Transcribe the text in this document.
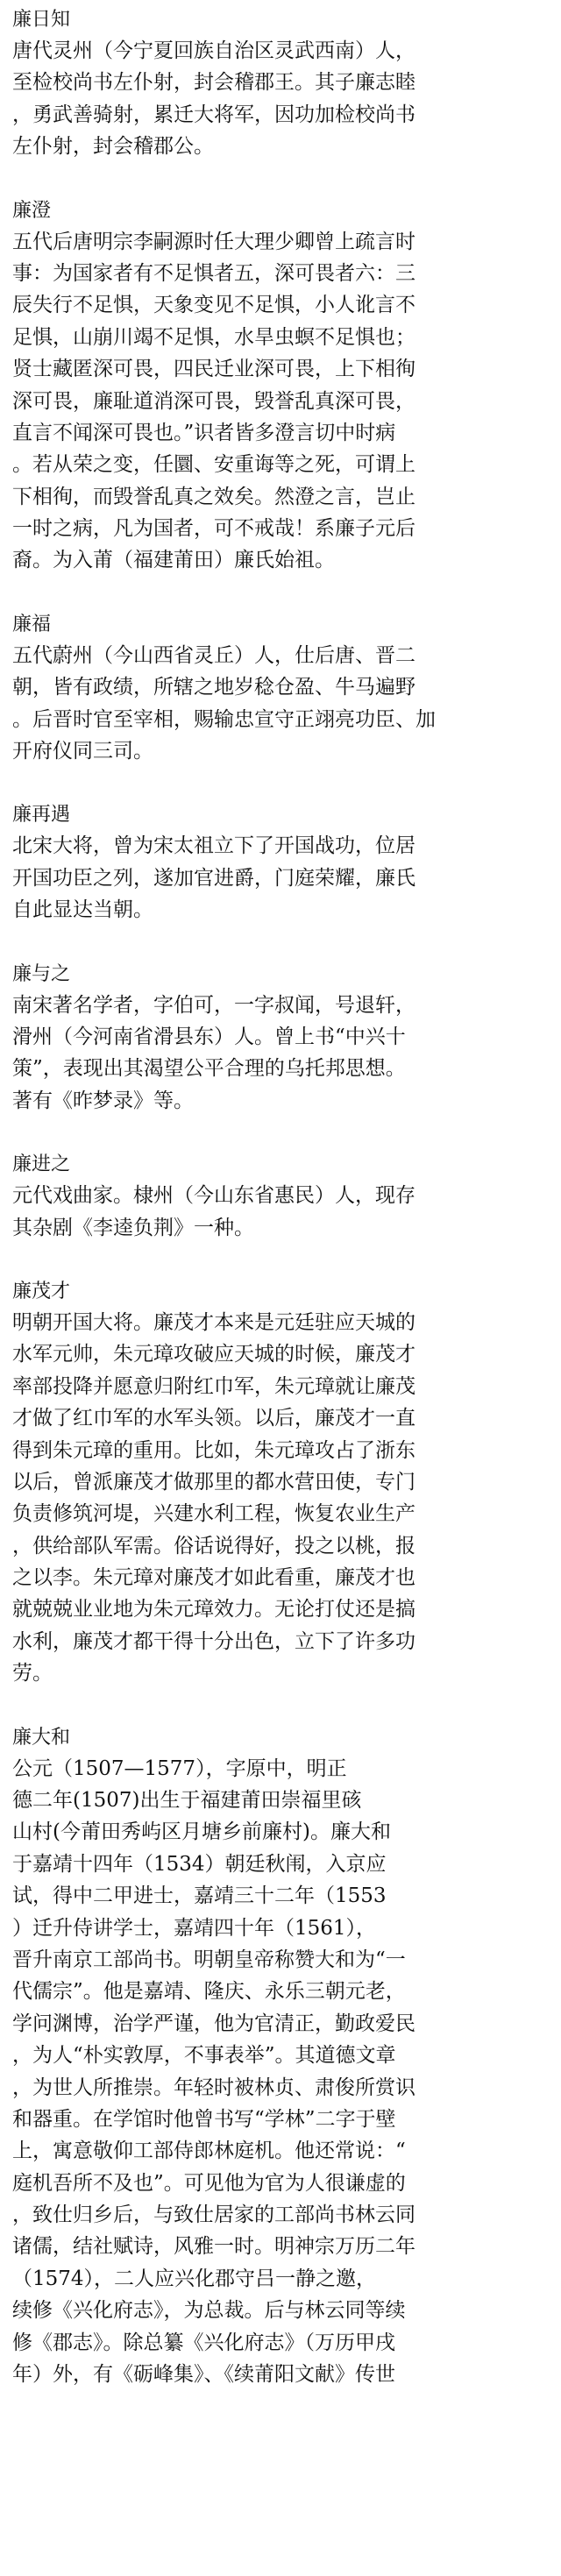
廉日知
唐代灵州（今宁夏回族自治区灵武西南）人，
至检校尚书左仆射，封会稽郡王。其子廉志睦
，勇武善骑射，累迁大将军，因功加检校尚书
左仆射，封会稽郡公。
廉澄
五代后唐明宗李嗣源时任大理少卿曾上疏言时
事：为国家者有不足惧者五，深可畏者六：三
辰失行不足惧，天象变见不足惧，小人讹言不
足惧，山崩川竭不足惧，水旱虫螟不足惧也；
贤士藏匿深可畏，四民迁业深可畏，上下相徇
深可畏，廉耻道消深可畏，毁誉乱真深可畏，
直言不闻深可畏也。”识者皆多澄言切中时病
。若从荣之变，任圜、安重诲等之死，可谓上
下相徇，而毁誉乱真之效矣。然澄之言，岂止
一时之病，凡为国者，可不戒哉！系廉子元后
裔。为入莆（福建莆田）廉氏始祖。
廉福
五代蔚州（今山西省灵丘）人，仕后唐、晋二
朝，皆有政绩，所辖之地岁稔仓盈、牛马遍野
。后晋时官至宰相，赐输忠宣守正翊亮功臣、加
开府仪同三司。
廉再遇
北宋大将，曾为宋太祖立下了开国战功，位居
开国功臣之列，遂加官进爵，门庭荣耀，廉氏
自此显达当朝。
廉与之
南宋著名学者，字伯可，一字叔闻，号退轩，
滑州（今河南省滑县东）人。曾上书“中兴十
策”，表现出其渴望公平合理的乌托邦思想。
著有《昨梦录》等。
廉进之
元代戏曲家。棣州（今山东省惠民）人，现存
其杂剧《李逵负荆》一种。
廉茂才
明朝开国大将。廉茂才本来是元廷驻应天城的
水军元帅，朱元璋攻破应天城的时候，廉茂才
率部投降并愿意归附红巾军，朱元璋就让廉茂
才做了红巾军的水军头领。以后，廉茂才一直
得到朱元璋的重用。比如，朱元璋攻占了浙东
以后，曾派廉茂才做那里的都水营田使，专门
负责修筑河堤，兴建水利工程，恢复农业生产
，供给部队军需。俗话说得好，投之以桃，报
之以李。朱元璋对廉茂才如此看重，廉茂才也
就兢兢业业地为朱元璋效力。无论打仗还是搞
水利，廉茂才都干得十分出色，立下了许多功
劳。
廉大和
公元（1507—1577），字原中，明正
德二年(1507)出生于福建莆田崇福里硋
山村(今莆田秀屿区月塘乡前廉村)。廉大和
于嘉靖十四年（1534）朝廷秋闱，入京应
试，得中二甲进士，嘉靖三十二年（1553
）迁升侍讲学士，嘉靖四十年（1561），
晋升南京工部尚书。明朝皇帝称赞大和为“一
代儒宗”。他是嘉靖、隆庆、永乐三朝元老，
学问渊博，治学严谨，他为官清正，勤政爱民
，为人“朴实敦厚，不事表举”。其道德文章
，为世人所推崇。年轻时被林贞、肃俊所赏识
和器重。在学馆时他曾书写“学林”二字于壁
上，寓意敬仰工部侍郎林庭机。他还常说：“
庭机吾所不及也”。可见他为官为人很谦虚的
，致仕归乡后，与致仕居家的工部尚书林云同
诸儒，结社赋诗，风雅一时。明神宗万历二年
（1574），二人应兴化郡守吕一静之邀，
续修《兴化府志》，为总裁。后与林云同等续
修《郡志》。除总纂《兴化府志》（万历甲戌
年）外，有《砺峰集》、《续莆阳文献》传世
